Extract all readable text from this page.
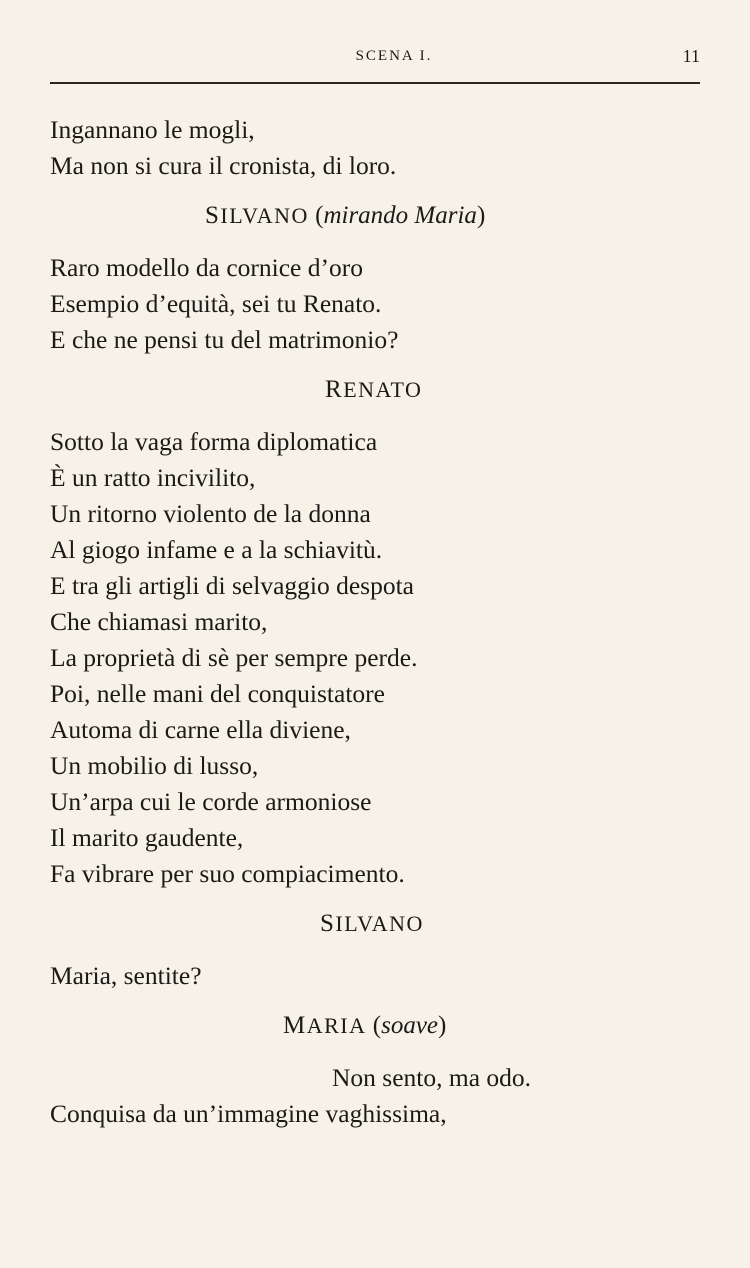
SCENA I.	11
Ingannano le mogli,
Ma non si cura il cronista, di loro.
SILVANO (mirando Maria)
Raro modello da cornice d’oro
Esempio d’equità, sei tu Renato.
E che ne pensi tu del matrimonio?
RENATO
Sotto la vaga forma diplomatica
È un ratto incivilito,
Un ritorno violento de la donna
Al giogo infame e a la schiavitù.
E tra gli artigli di selvaggio despota
Che chiamasi marito,
La proprietà di sè per sempre perde.
Poi, nelle mani del conquistatore
Automa di carne ella diviene,
Un mobilio di lusso,
Un’arpa cui le corde armoniose
Il marito gaudente,
Fa vibrare per suo compiacimento.
SILVANO
Maria, sentite?
MARIA (soave)
Non sento, ma odo.
Conquisa da un’immagine vaghissima,
